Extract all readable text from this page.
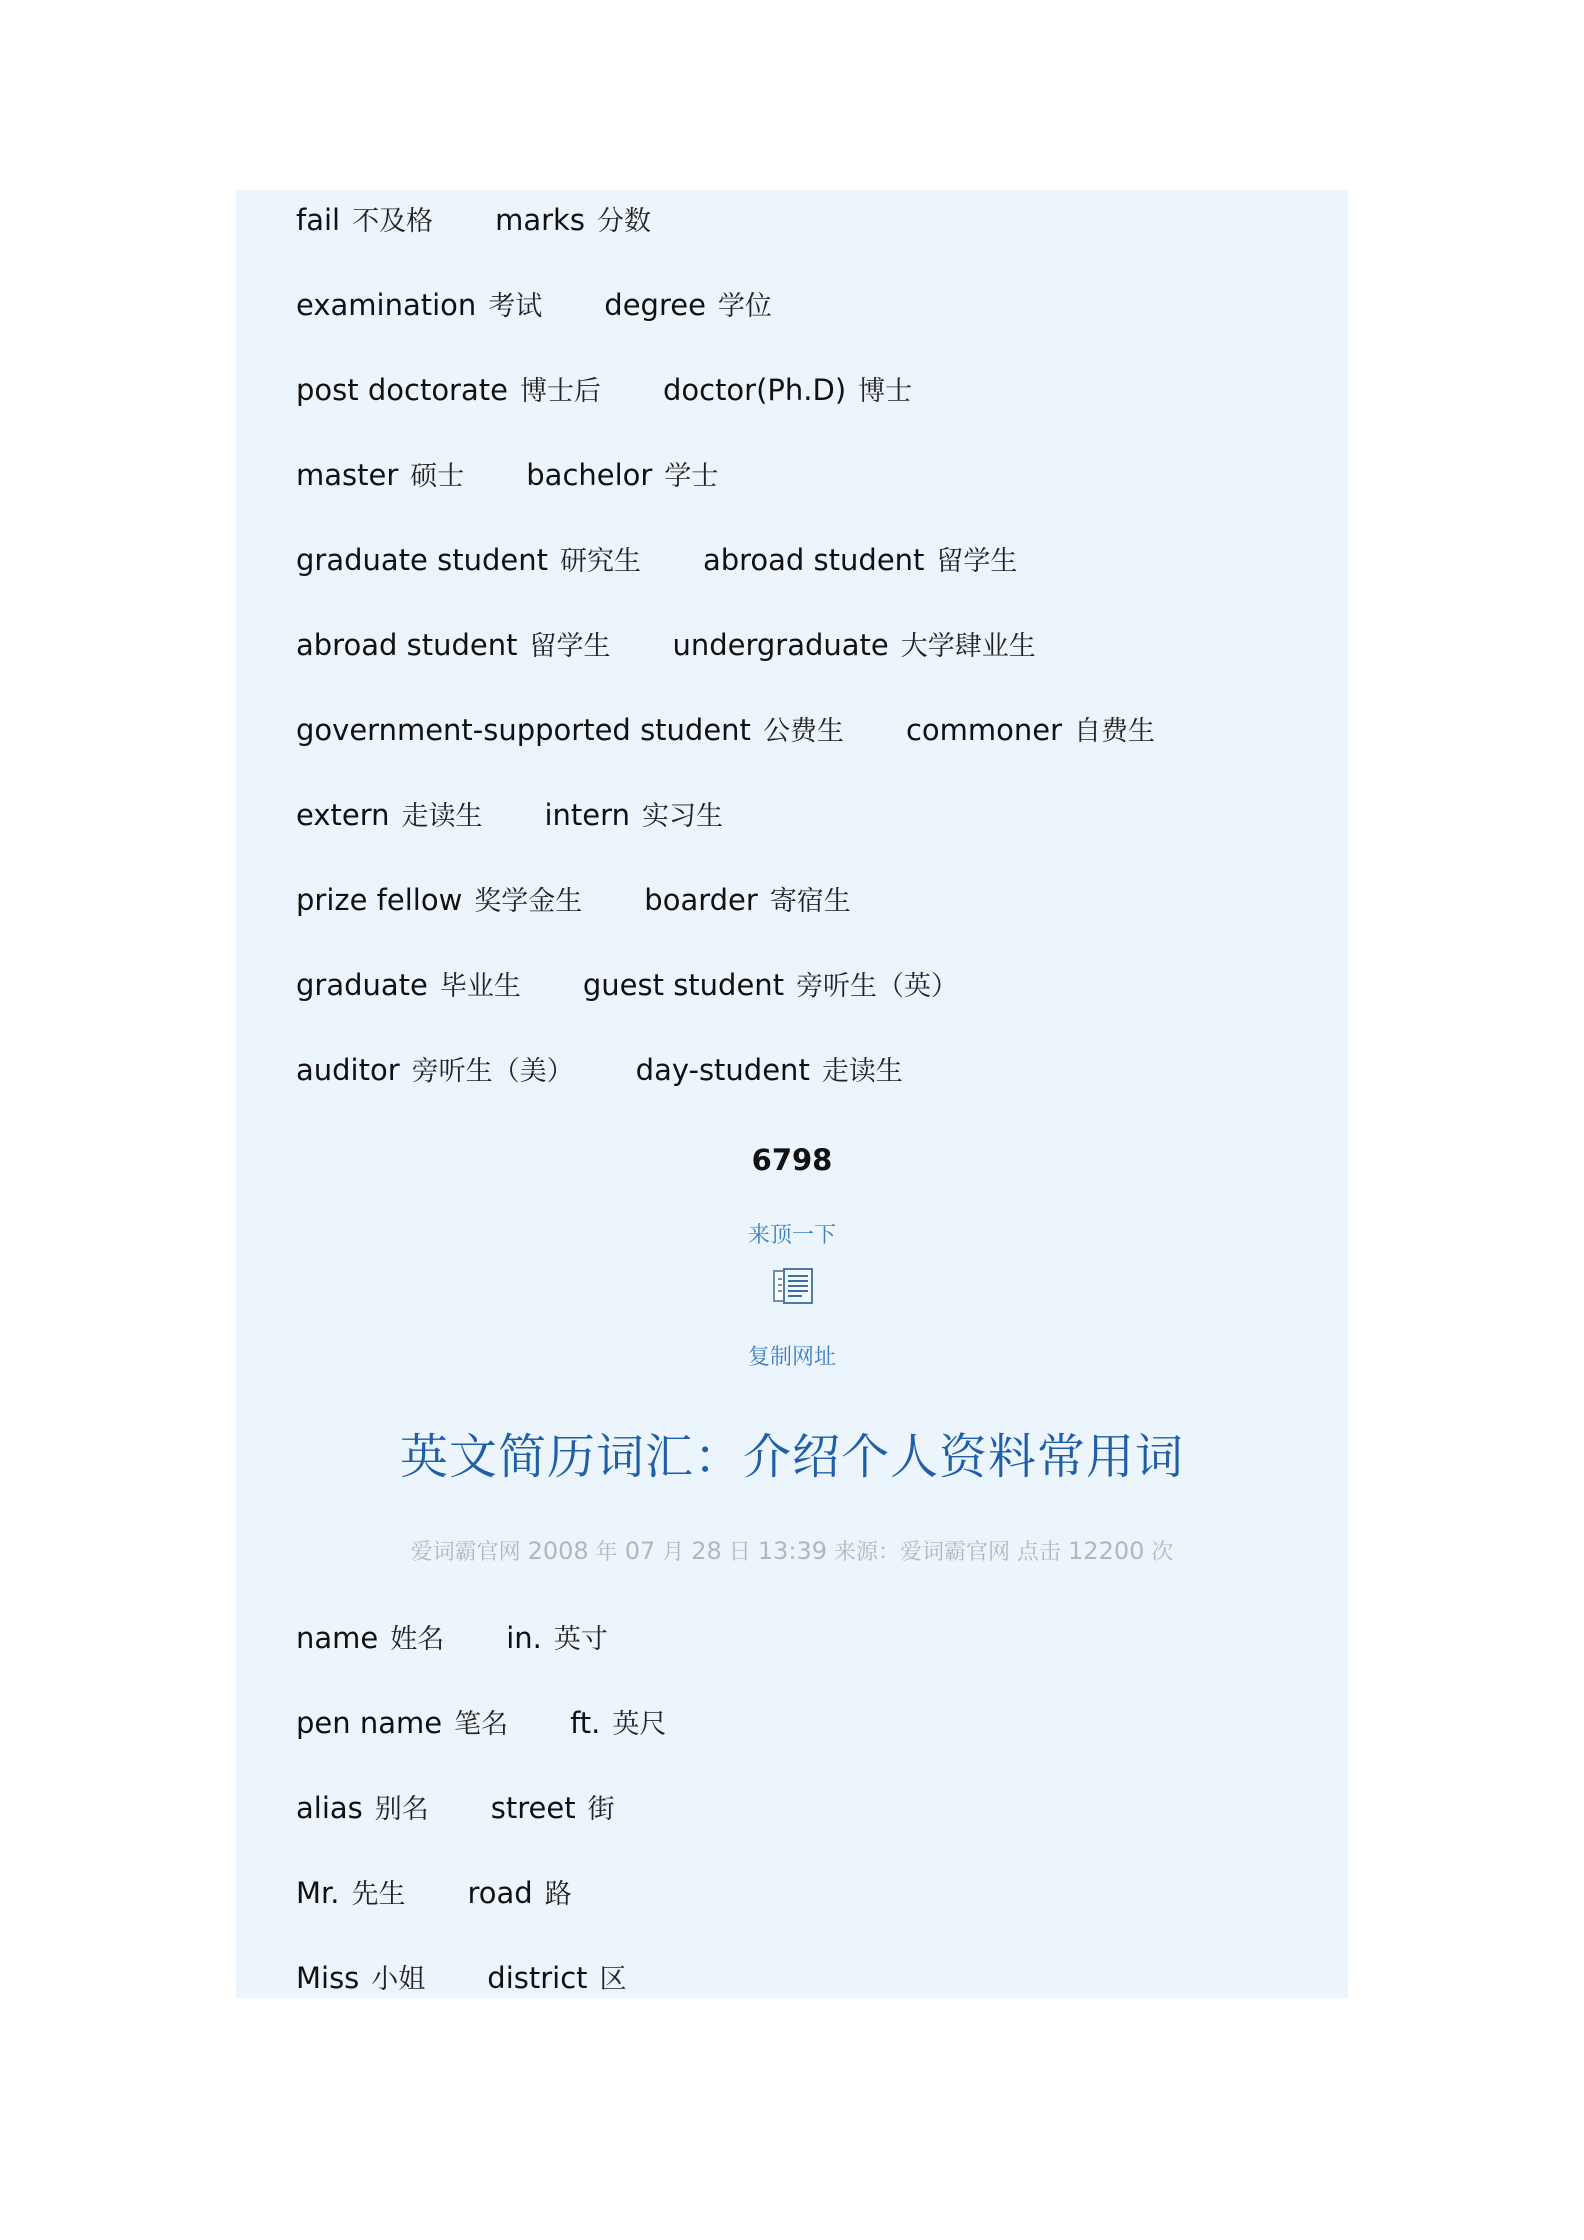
fail 不及格 marks 分数
examination 考试 degree 学位
post doctorate 博士后 doctor(Ph.D) 博士
master 硕士 bachelor 学士
graduate student 研究生 abroad student 留学生
abroad student 留学生 undergraduate 大学肆业生
government-supported student 公费生 commoner 自费生
extern 走读生 intern 实习生
prize fellow 奖学金生 boarder 寄宿生
graduate 毕业生 guest student 旁听生（英）
auditor 旁听生（美） day-student 走读生
6798
来顶一下
复制网址
英文简历词汇：介绍个人资料常用词
爱词霸官网 2008 年 07 月 28 日 13:39 来源：爱词霸官网 点击 12200 次
name 姓名 in. 英寸
pen name 笔名 ft. 英尺
alias 别名 street 街
Mr. 先生 road 路
Miss 小姐 district 区
